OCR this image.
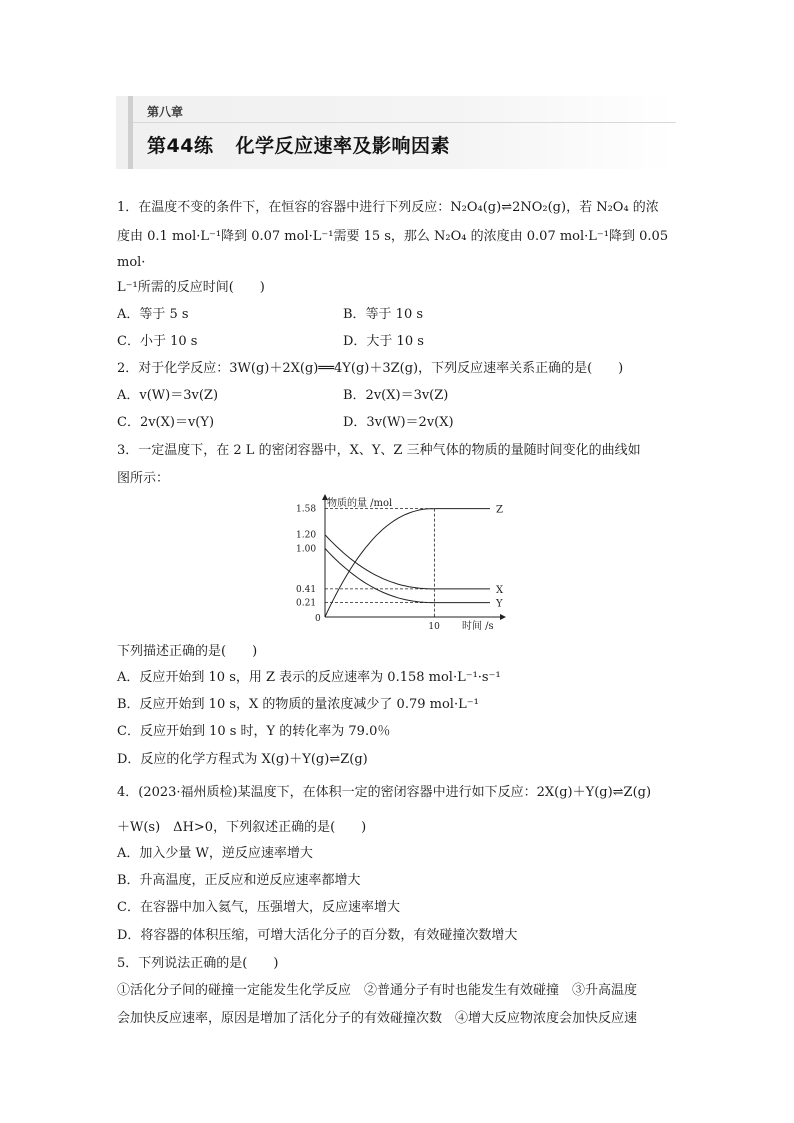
第八章
第44练 化学反应速率及影响因素
1．在温度不变的条件下，在恒容的容器中进行下列反应：N₂O₄(g)⇌2NO₂(g)，若 N₂O₄ 的浓
度由 0.1 mol·L⁻¹降到 0.07 mol·L⁻¹需要 15 s，那么 N₂O₄ 的浓度由 0.07 mol·L⁻¹降到 0.05
mol·
L⁻¹所需的反应时间(　　)
A．等于 5 s	B．等于 10 s
C．小于 10 s	D．大于 10 s
2．对于化学反应：3W(g)＋2X(g)══4Y(g)＋3Z(g)，下列反应速率关系正确的是(　　)
A．v(W)＝3v(Z)	B．2v(X)＝3v(Z)
C．2v(X)＝v(Y)	D．3v(W)＝2v(X)
3．一定温度下，在 2 L 的密闭容器中，X、Y、Z 三种气体的物质的量随时间变化的曲线如
图所示：
物质的量 /mol
时间 /s
0
10
1.58
1.20
1.00
0.41
0.21
Z
X
Y
下列描述正确的是(　　)
A．反应开始到 10 s，用 Z 表示的反应速率为 0.158 mol·L⁻¹·s⁻¹
B．反应开始到 10 s，X 的物质的量浓度减少了 0.79 mol·L⁻¹
C．反应开始到 10 s 时，Y 的转化率为 79.0％
D．反应的化学方程式为 X(g)＋Y(g)⇌Z(g)
4．(2023·福州质检)某温度下，在体积一定的密闭容器中进行如下反应：2X(g)＋Y(g)⇌Z(g)
＋W(s)　ΔH>0，下列叙述正确的是(　　)
A．加入少量 W，逆反应速率增大
B．升高温度，正反应和逆反应速率都增大
C．在容器中加入氦气，压强增大，反应速率增大
D．将容器的体积压缩，可增大活化分子的百分数，有效碰撞次数增大
5．下列说法正确的是(　　)
①活化分子间的碰撞一定能发生化学反应　②普通分子有时也能发生有效碰撞　③升高温度
会加快反应速率，原因是增加了活化分子的有效碰撞次数　④增大反应物浓度会加快反应速
